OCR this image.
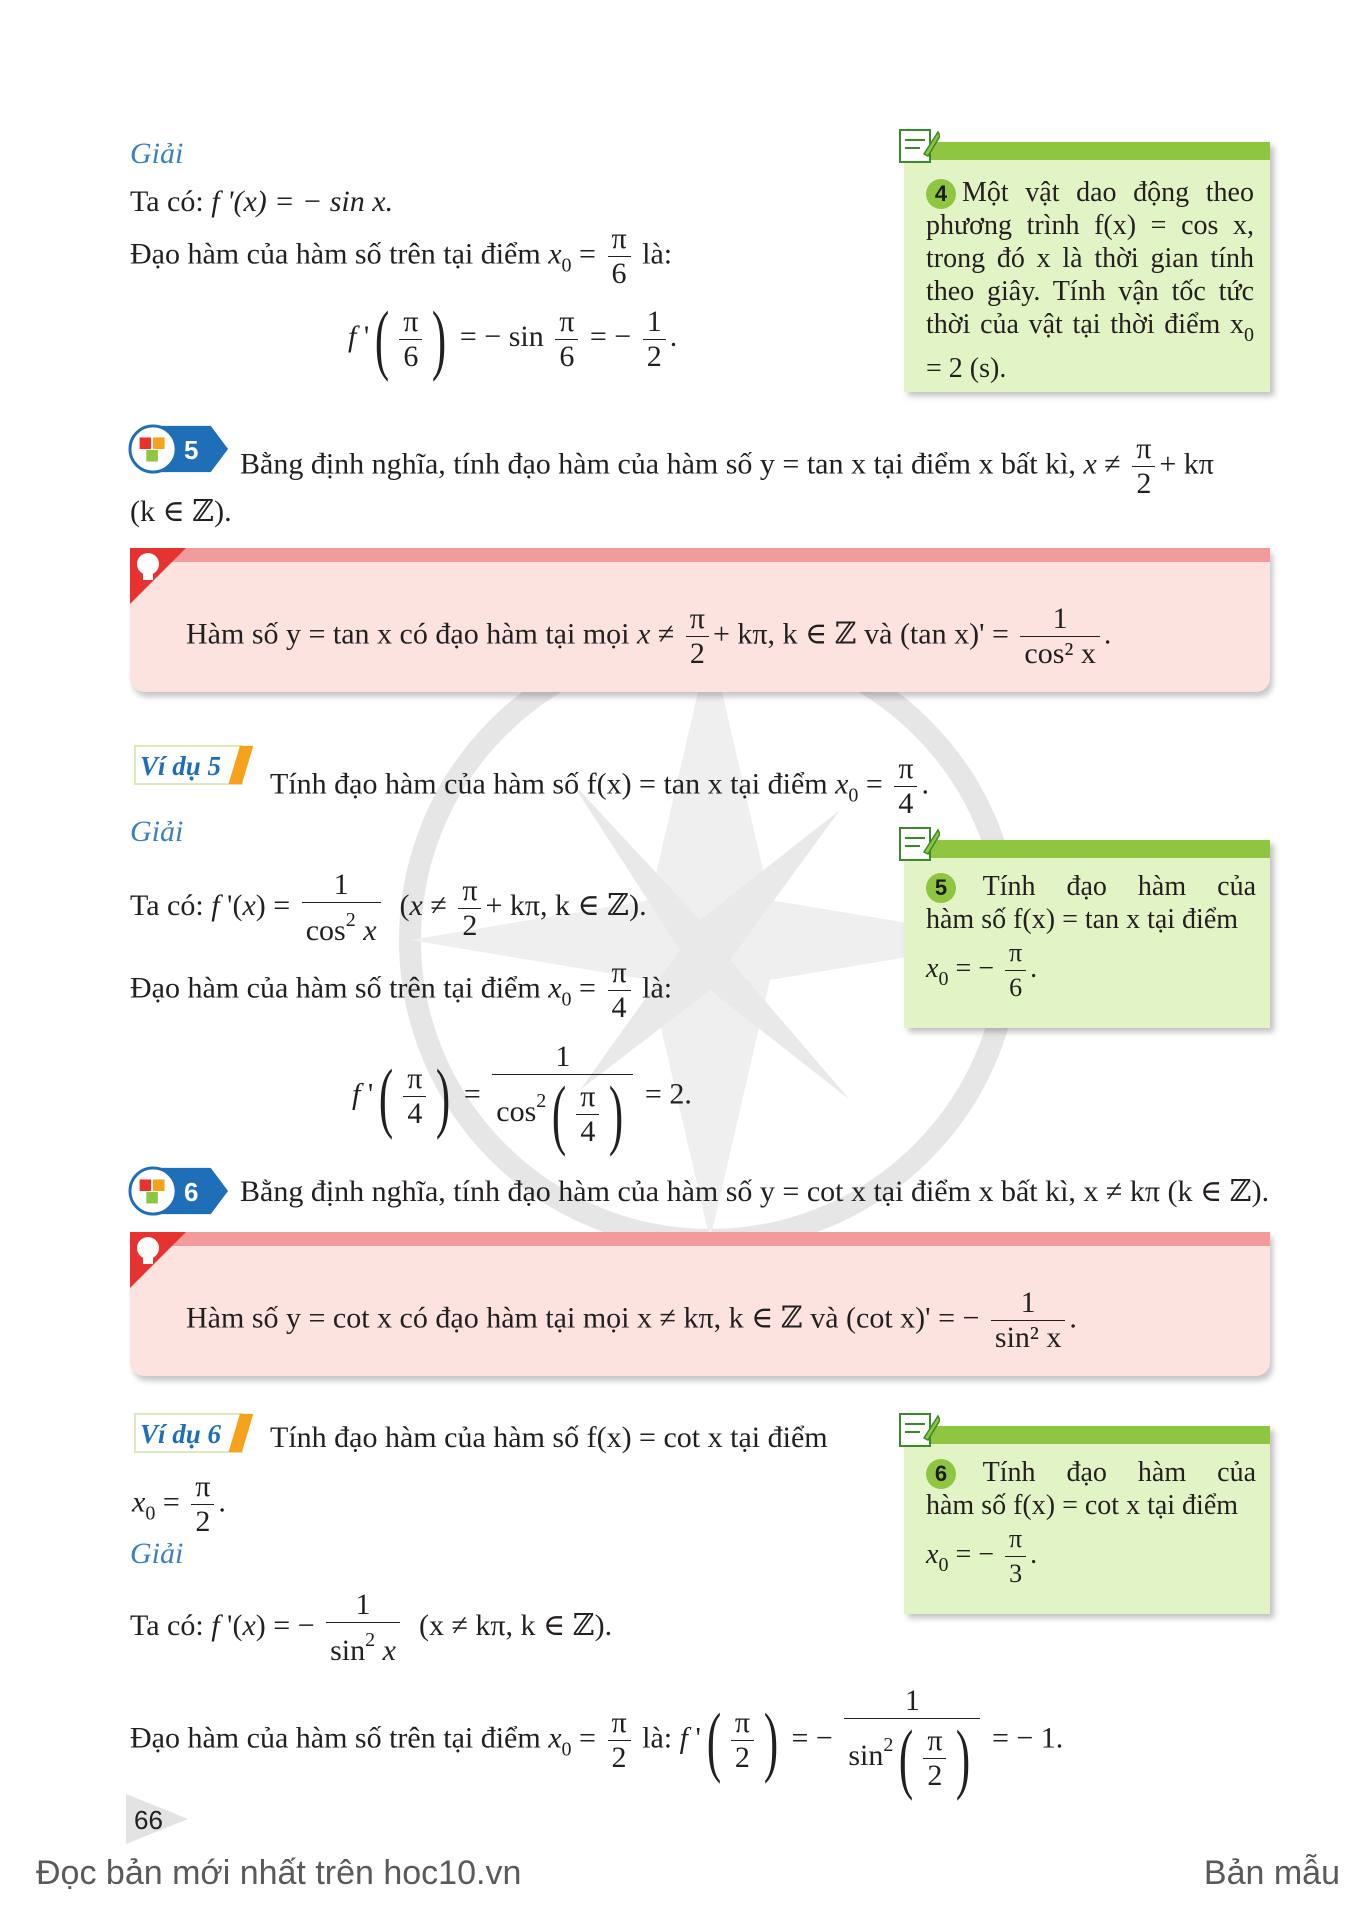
Giải
Ta có: f '(x) = − sin x.
Đạo hàm của hàm số trên tại điểm $x_0 = \frac{\pi}{6}$ là:
f '( $\frac{\pi}{6}$ ) = − $\sin \frac{\pi}{6}$ = − $\frac{1}{2}$ .
4 Một vật dao động theo phương trình f(x) = cos x, trong đó x là thời gian tính theo giây. Tính vận tốc tức thời của vật tại thời điểm $x_0 = 2$ (s).
5 Bằng định nghĩa, tính đạo hàm của hàm số y = tan x tại điểm x bất kì, $x \ne \frac{\pi}{2} + k\pi$
(k ∈ ℤ).
Hàm số y = tan x có đạo hàm tại mọi $x \ne \frac{\pi}{2} + k\pi$, k ∈ ℤ và (tan $x)' = \frac{1}{\text{cos² x}}$ .
Ví dụ 5
Tính đạo hàm của hàm số f(x) = tan x tại điểm $x_0 = \frac{\pi}{4}$ .
Giải
Ta có: f '$(x) = \frac{1}{\cos^2 x} (x \ne \frac{\pi}{2} + k\pi$, k ∈ ℤ).
Đạo hàm của hàm số trên tại điểm $x_0 = \frac{\pi}{4}$ là:
f '( $\frac{\pi}{4}$ ) = $\frac{1}{\cos^2( \frac{\pi}{4} )} = 2$.
5	Tính đạo hàm của
hàm số f(x) = tan x tại điểm
$x_0$ = − $\frac{\pi}{6}$ .
6 Bằng định nghĩa, tính đạo hàm của hàm số y = cot x tại điểm x bất kì, x ≠ kπ (k ∈ ℤ).
Hàm số y = cot x có đạo hàm tại mọi x ≠ kπ, k ∈ ℤ và (cot x)' = − $\frac{1}{\text{sin² x}}$ .
Ví dụ 6 Tính đạo hàm của hàm số f(x) = cot x tại điểm
$x_0 = \frac{\pi}{2}$ .
Giải
Ta có: f '(x) = − $\frac{1}{\sin^2 x} (x \ne k\pi$, k ∈ ℤ).
Đạo hàm của hàm số trên tại điểm $x_0 = \frac{\pi}{2}$ là: f '( $\frac{\pi}{2}$ ) = − $\frac{1}{\sin^2( \frac{\pi}{2} )}$ = − 1.
6	Tính đạo hàm của
hàm số f(x) = cot x tại điểm
$x_0$ = − $\frac{\pi}{3}$ .
66
Đọc bản mới nhất trên hoc10.vn	Bản mẫu
